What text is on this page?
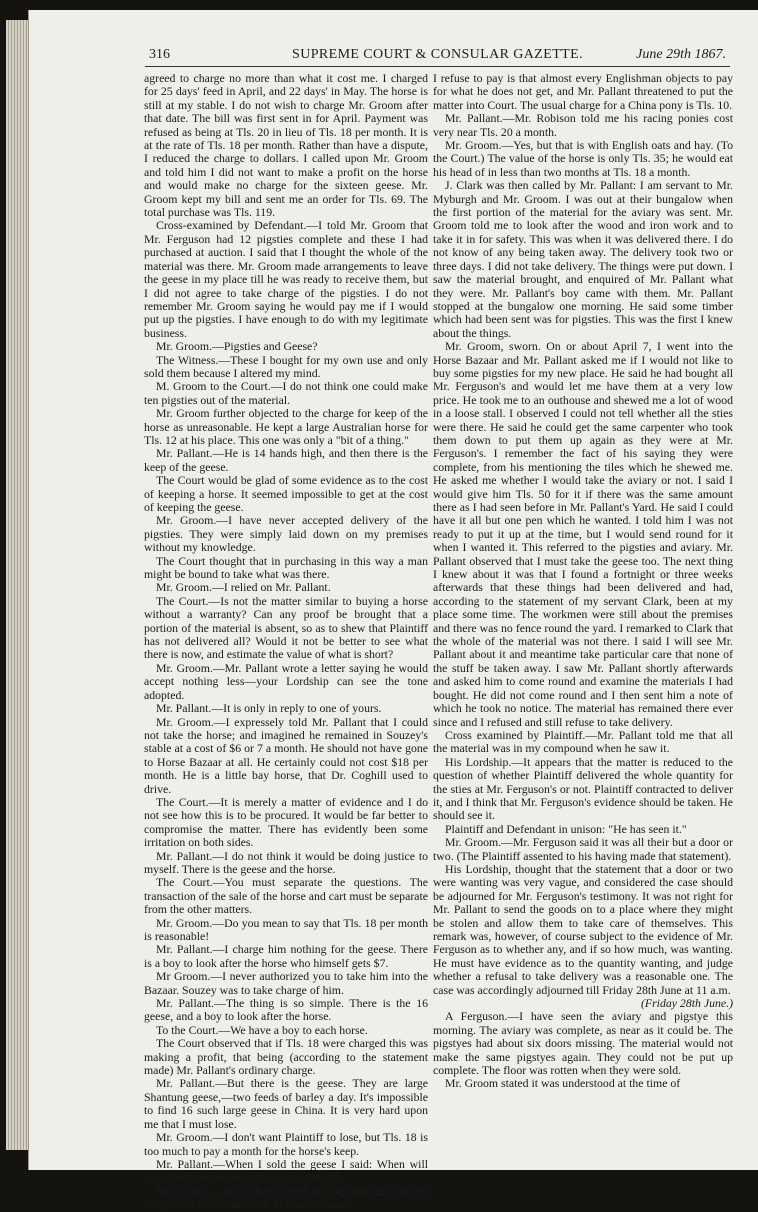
316	SUPREME COURT & CONSULAR GAZETTE.	June 29th 1867.

agreed to charge no more than what it cost me. I charged for 25 days' feed in April, and 22 days' in May. The horse is still at my stable. I do not wish to charge Mr. Groom after that date. The bill was first sent in for April. Payment was refused as being at Tls. 20 in lieu of Tls. 18 per month. It is at the rate of Tls. 18 per month. Rather than have a dispute, I reduced the charge to dollars. I called upon Mr. Groom and told him I did not want to make a profit on the horse and would make no charge for the sixteen geese. Mr. Groom kept my bill and sent me an order for Tls. 69. The total purchase was Tls. 119.

Cross-examined by Defendant.—I told Mr. Groom that Mr. Ferguson had 12 pigsties complete and these I had purchased at auction. I said that I thought the whole of the material was there. Mr. Groom made arrangements to leave the geese in my place till he was ready to receive them, but I did not agree to take charge of the pigsties. I do not remember Mr. Groom saying he would pay me if I would put up the pigsties. I have enough to do with my legitimate business.

Mr. Groom.—Pigsties and Geese?

The Witness.—These I bought for my own use and only sold them because I altered my mind.

M. Groom to the Court.—I do not think one could make ten pigsties out of the material.

Mr. Groom further objected to the charge for keep of the horse as unreasonable. He kept a large Australian horse for Tls. 12 at his place. This one was only a "bit of a thing."

Mr. Pallant.—He is 14 hands high, and then there is the keep of the geese.

The Court would be glad of some evidence as to the cost of keeping a horse. It seemed impossible to get at the cost of keeping the geese.

Mr. Groom.—I have never accepted delivery of the pigsties. They were simply laid down on my premises without my knowledge.

The Court thought that in purchasing in this way a man might be bound to take what was there.

Mr. Groom.—I relied on Mr. Pallant.

The Court.—Is not the matter similar to buying a horse without a warranty? Can any proof be brought that a portion of the material is absent, so as to shew that Plaintiff has not delivered all? Would it not be better to see what there is now, and estimate the value of what is short?

Mr. Groom.—Mr. Pallant wrote a letter saying he would accept nothing less—your Lordship can see the tone adopted.

Mr. Pallant.—It is only in reply to one of yours.

Mr. Groom.—I expressely told Mr. Pallant that I could not take the horse; and imagined he remained in Souzey's stable at a cost of $6 or 7 a month. He should not have gone to Horse Bazaar at all. He certainly could not cost $18 per month. He is a little bay horse, that Dr. Coghill used to drive.

The Court.—It is merely a matter of evidence and I do not see how this is to be procured. It would be far better to compromise the matter. There has evidently been some irritation on both sides.

Mr. Pallant.—I do not think it would be doing justice to myself. There is the geese and the horse.

The Court.—You must separate the questions. The transaction of the sale of the horse and cart must be separate from the other matters.

Mr. Groom.—Do you mean to say that Tls. 18 per month is reasonable!

Mr. Pallant.—I charge him nothing for the geese. There is a boy to look after the horse who himself gets $7.

Mr Groom.—I never authorized you to take him into the Bazaar. Souzey was to take charge of him.

Mr. Pallant.—The thing is so simple. There is the 16 geese, and a boy to look after the horse.

To the Court.—We have a boy to each horse.

The Court observed that if Tls. 18 were charged this was making a profit, that being (according to the statement made) Mr. Pallant's ordinary charge.

Mr. Pallant.—But there is the geese. They are large Shantung geese,—two feeds of barley a day. It's impossible to find 16 such large geese in China. It is very hard upon me that I must lose.

Mr. Groom.—I don't want Plaintiff to lose, but Tls. 18 is too much to pay a month for the horse's keep.

Mr. Pallant.—When I sold the geese I said: When will you take them because they eat so much?

Mr. Groom.—If he likes to send in a separate account for the geese I can consider it. The only reason

I refuse to pay is that almost every Englishman objects to pay for what he does not get, and Mr. Pallant threatened to put the matter into Court. The usual charge for a China pony is Tls. 10.

Mr. Pallant.—Mr. Robison told me his racing ponies cost very near Tls. 20 a month.

Mr. Groom.—Yes, but that is with English oats and hay. (To the Court.) The value of the horse is only Tls. 35; he would eat his head of in less than two months at Tls. 18 a month.

J. Clark was then called by Mr. Pallant: I am servant to Mr. Myburgh and Mr. Groom. I was out at their bungalow when the first portion of the material for the aviary was sent. Mr. Groom told me to look after the wood and iron work and to take it in for safety. This was when it was delivered there. I do not know of any being taken away. The delivery took two or three days. I did not take delivery. The things were put down. I saw the material brought, and enquired of Mr. Pallant what they were. Mr. Pallant's boy came with them. Mr. Pallant stopped at the bungalow one morning. He said some timber which had been sent was for pigsties. This was the first I knew about the things.

Mr. Groom, sworn. On or about April 7, I went into the Horse Bazaar and Mr. Pallant asked me if I would not like to buy some pigsties for my new place. He said he had bought all Mr. Ferguson's and would let me have them at a very low price. He took me to an outhouse and shewed me a lot of wood in a loose stall. I observed I could not tell whether all the sties were there. He said he could get the same carpenter who took them down to put them up again as they were at Mr. Ferguson's. I remember the fact of his saying they were complete, from his mentioning the tiles which he shewed me. He asked me whether I would take the aviary or not. I said I would give him Tls. 50 for it if there was the same amount there as I had seen before in Mr. Pallant's Yard. He said I could have it all but one pen which he wanted. I told him I was not ready to put it up at the time, but I would send round for it when I wanted it. This referred to the pigsties and aviary. Mr. Pallant observed that I must take the geese too. The next thing I knew about it was that I found a fortnight or three weeks afterwards that these things had been delivered and had, according to the statement of my servant Clark, been at my place some time. The workmen were still about the premises and there was no fence round the yard. I remarked to Clark that the whole of the material was not there. I said I will see Mr. Pallant about it and meantime take particular care that none of the stuff be taken away. I saw Mr. Pallant shortly afterwards and asked him to come round and examine the materials I had bought. He did not come round and I then sent him a note of which he took no notice. The material has remained there ever since and I refused and still refuse to take delivery.

Cross examined by Plaintiff.—Mr. Pallant told me that all the material was in my compound when he saw it.

His Lordship.—It appears that the matter is reduced to the question of whether Plaintiff delivered the whole quantity for the sties at Mr. Ferguson's or not. Plaintiff contracted to deliver it, and I think that Mr. Ferguson's evidence should be taken. He should see it.

Plaintiff and Defendant in unison: "He has seen it."

Mr. Groom.—Mr. Ferguson said it was all their but a door or two. (The Plaintiff assented to his having made that statement).

His Lordship, thought that the statement that a door or two were wanting was very vague, and considered the case should be adjourned for Mr. Ferguson's testimony. It was not right for Mr. Pallant to send the goods on to a place where they might be stolen and allow them to take care of themselves. This remark was, however, of course subject to the evidence of Mr. Ferguson as to whether any, and if so how much, was wanting. He must have evidence as to the quantity wanting, and judge whether a refusal to take delivery was a reasonable one. The case was accordingly adjourned till Friday 28th June at 11 a.m.

(Friday 28th June.)

A Ferguson.—I have seen the aviary and pigstye this morning. The aviary was complete, as near as it could be. The pigstyes had about six doors missing. The material would not make the same pigstyes again. They could not be put up complete. The floor was rotten when they were sold.

Mr. Groom stated it was understood at the time of
